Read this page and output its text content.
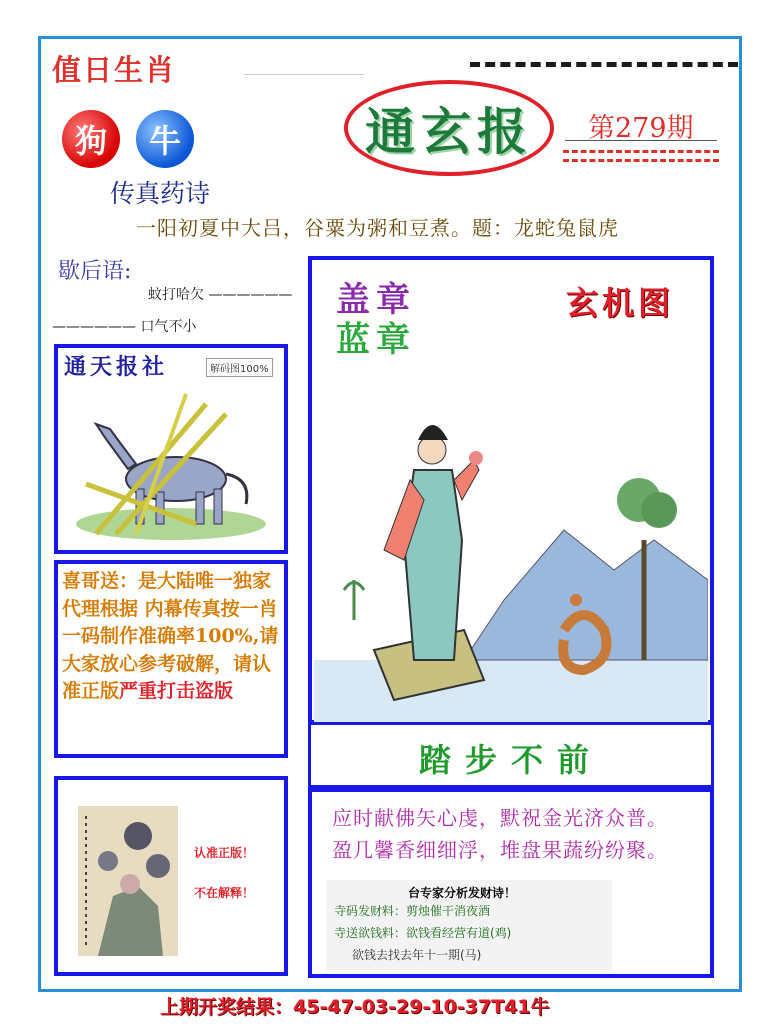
值日生肖
通玄报 第279期
狗	牛
传真药诗
一阳初夏中大吕，谷粟为粥和豆煮。题：龙蛇兔鼠虎
歇后语:
蚊打哈欠 ——————
—————— 口气不小
通天报社	解码图100%
喜哥送：是大陆唯一独家代理根据 内幕传真按一肖一码制作准确率100%,请大家放心参考破解，请认准正版严重打击盗版
认准正版！
不在解释！
盖章
蓝章
玄机图
踏步不前
应时献佛矢心虔，默祝金光济众普。
盈几馨香细细浮，堆盘果蔬纷纷聚。
台专家分析发财诗！
寺码发财料：剪烛催干消夜酒
寺送欲钱料：欲钱看经营有道(鸡)
欲钱去找去年十一期(马)
上期开奖结果：45-47-03-29-10-37T41牛
